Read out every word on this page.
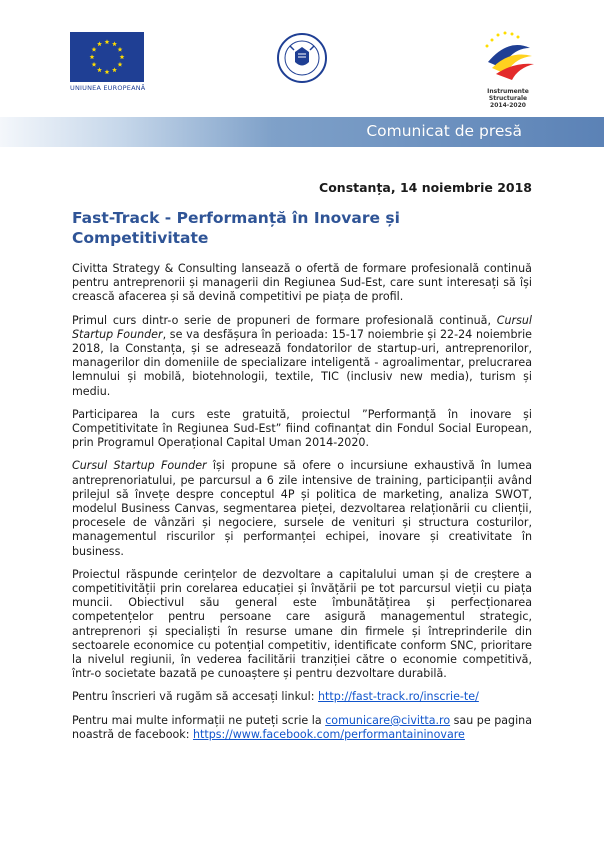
UNIUNEA EUROPEANĂ	Instrumente Structurale
2014-2020
Comunicat de presă
Constanța, 14 noiembrie 2018
Fast-Track - Performanță în Inovare și Competitivitate

Civitta Strategy & Consulting lansează o ofertă de formare profesională continuă pentru antreprenorii și managerii din Regiunea Sud-Est, care sunt interesați să își crească afacerea și să devină competitivi pe piața de profil.

Primul curs dintr-o serie de propuneri de formare profesională continuă, Cursul Startup Founder, se va desfășura în perioada: 15-17 noiembrie și 22-24 noiembrie 2018, la Constanța, și se adresează fondatorilor de startup-uri, antreprenorilor, managerilor din domeniile de specializare inteligentă - agroalimentar, prelucrarea lemnului și mobilă, biotehnologii, textile, TIC (inclusiv new media), turism și mediu.

Participarea la curs este gratuită, proiectul ”Performanță în inovare și Competitivitate în Regiunea Sud-Est” fiind cofinanțat din Fondul Social European, prin Programul Operațional Capital Uman 2014-2020.

Cursul Startup Founder își propune să ofere o incursiune exhaustivă în lumea antreprenoriatului, pe parcursul a 6 zile intensive de training, participanții având prilejul să învețe despre conceptul 4P și politica de marketing, analiza SWOT, modelul Business Canvas, segmentarea pieței, dezvoltarea relaționării cu clienții, procesele de vânzări și negociere, sursele de venituri și structura costurilor, managementul riscurilor și performanței echipei, inovare și creativitate în business.

Proiectul răspunde cerințelor de dezvoltare a capitalului uman și de creștere a competitivității prin corelarea educației și învățării pe tot parcursul vieții cu piața muncii. Obiectivul său general este îmbunătățirea și perfecționarea competențelor pentru persoane care asigură managementul strategic, antreprenori și specialiști în resurse umane din firmele și întreprinderile din sectoarele economice cu potențial competitiv, identificate conform SNC, prioritare la nivelul regiunii, în vederea facilitării tranziției către o economie competitivă, într-o societate bazată pe cunoaștere și pentru dezvoltare durabilă.

Pentru înscrieri vă rugăm să accesați linkul: http://fast-track.ro/inscrie-te/

Pentru mai multe informații ne puteți scrie la comunicare@civitta.ro sau pe pagina noastră de facebook: https://www.facebook.com/performantaininovare
